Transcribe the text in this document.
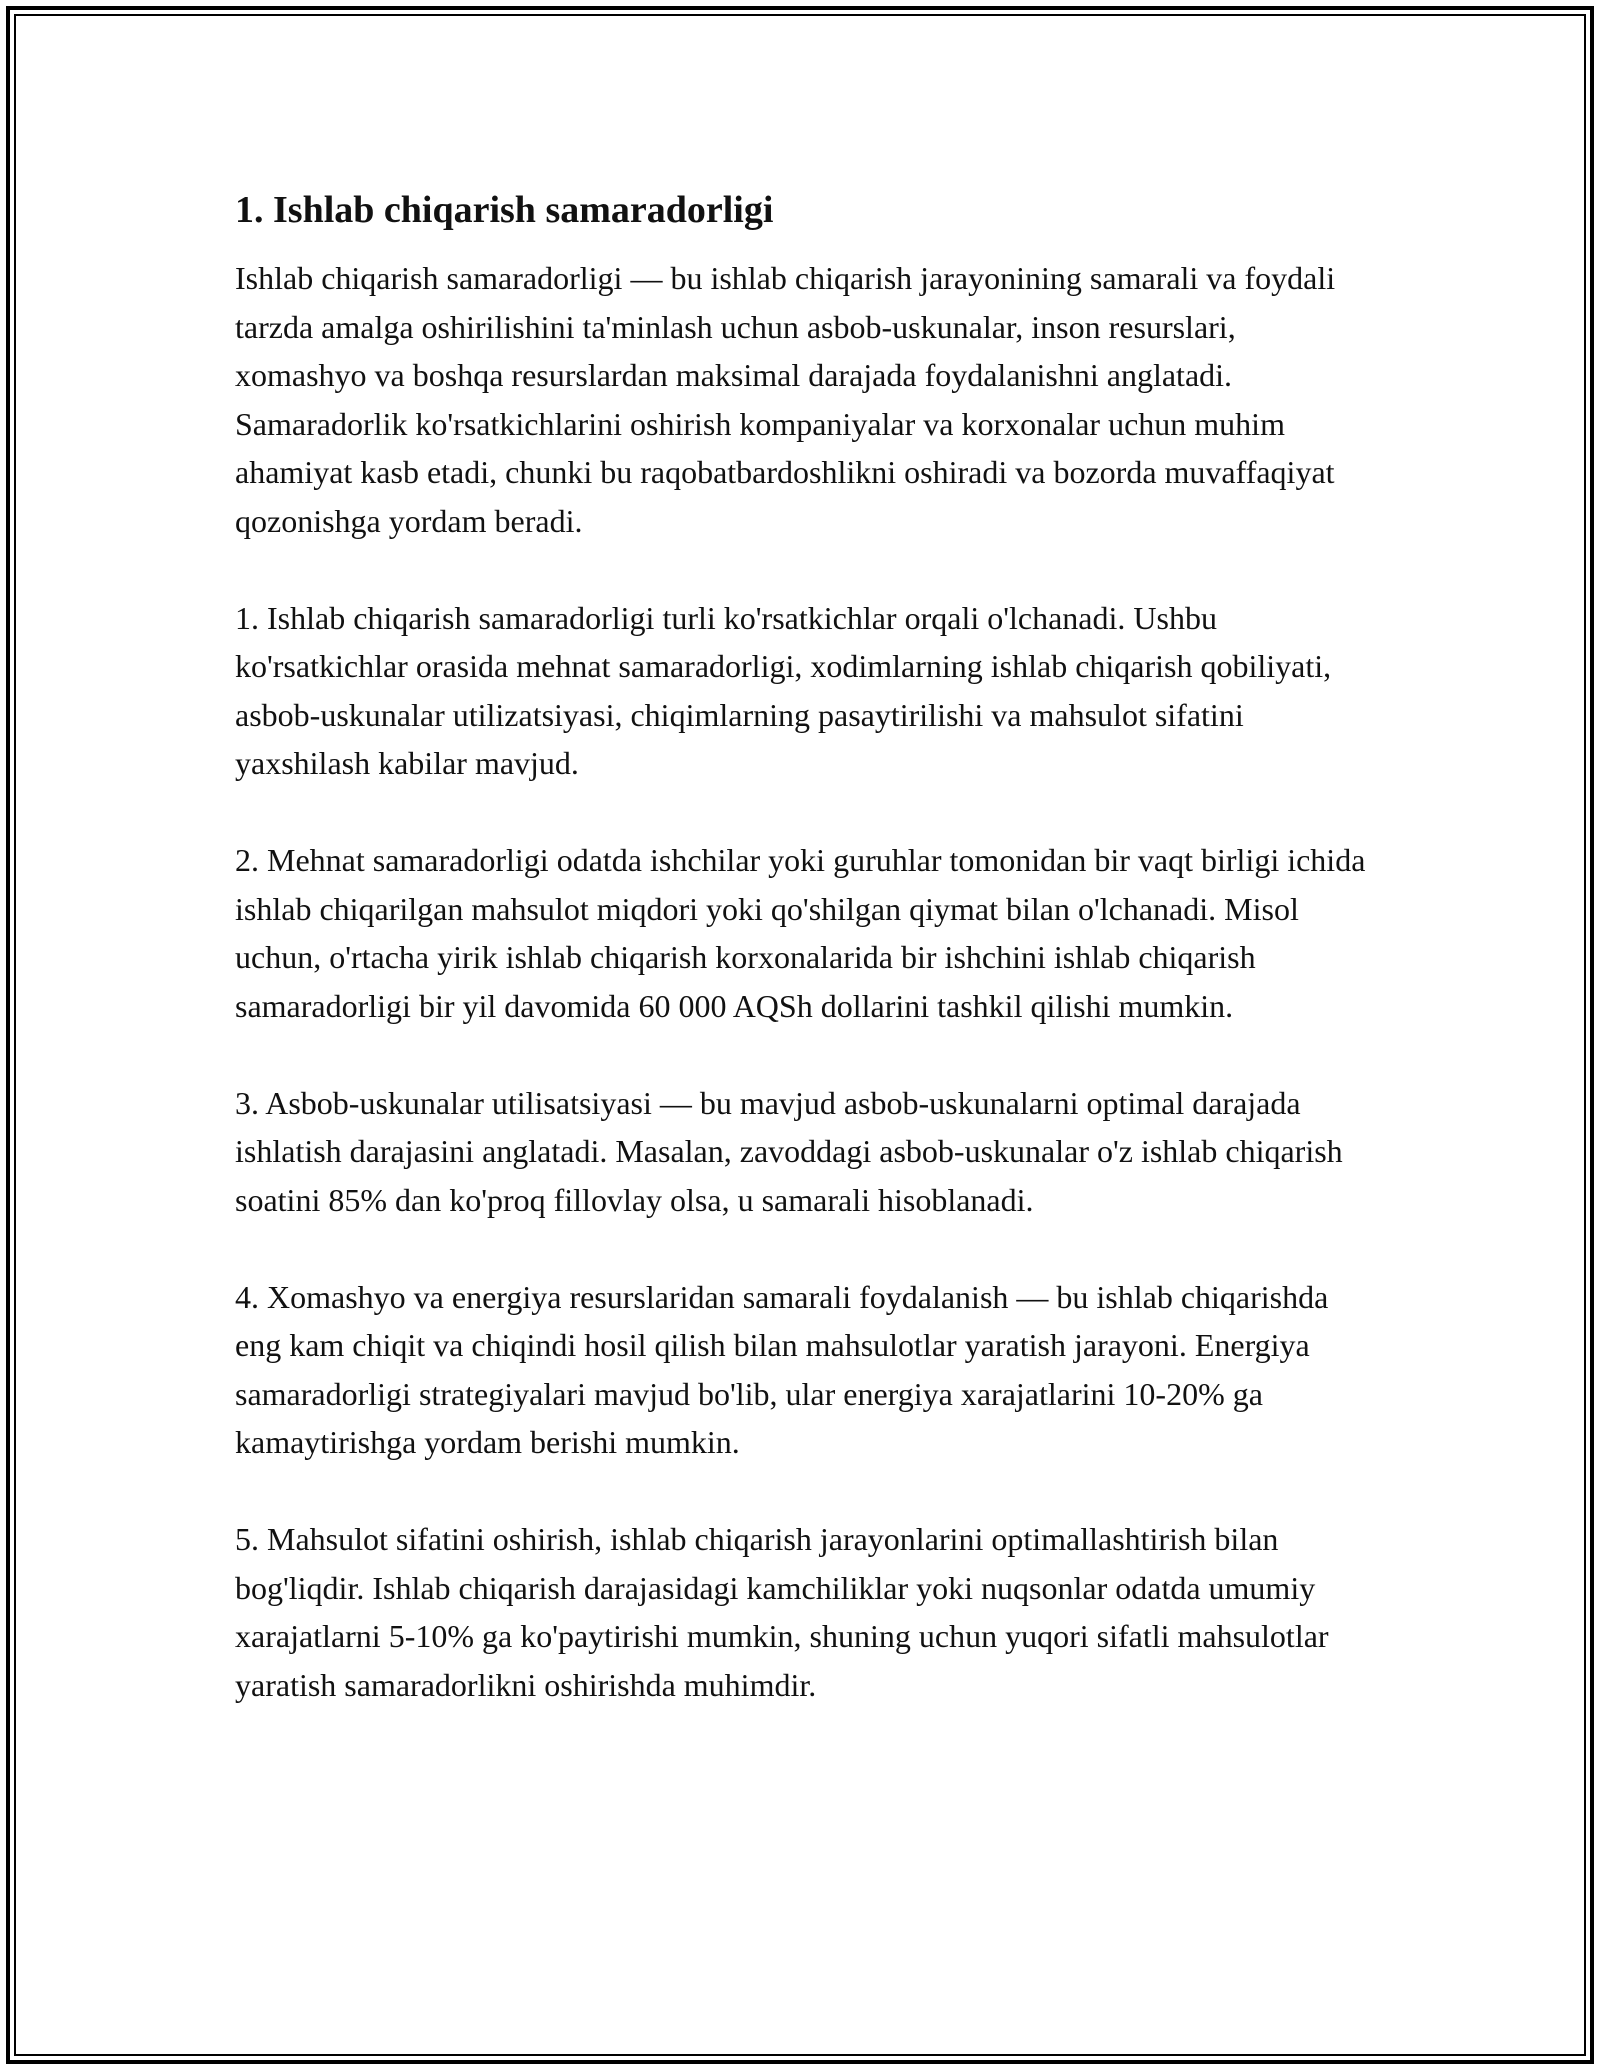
1. Ishlab chiqarish samaradorligi

Ishlab chiqarish samaradorligi — bu ishlab chiqarish jarayonining samarali va foydali tarzda amalga oshirilishini ta'minlash uchun asbob-uskunalar, inson resurslari, xomashyo va boshqa resurslardan maksimal darajada foydalanishni anglatadi. Samaradorlik ko'rsatkichlarini oshirish kompaniyalar va korxonalar uchun muhim ahamiyat kasb etadi, chunki bu raqobatbardoshlikni oshiradi va bozorda muvaffaqiyat qozonishga yordam beradi.

1. Ishlab chiqarish samaradorligi turli ko'rsatkichlar orqali o'lchanadi. Ushbu ko'rsatkichlar orasida mehnat samaradorligi, xodimlarning ishlab chiqarish qobiliyati, asbob-uskunalar utilizatsiyasi, chiqimlarning pasaytirilishi va mahsulot sifatini yaxshilash kabilar mavjud.

2. Mehnat samaradorligi odatda ishchilar yoki guruhlar tomonidan bir vaqt birligi ichida ishlab chiqarilgan mahsulot miqdori yoki qo'shilgan qiymat bilan o'lchanadi. Misol uchun, o'rtacha yirik ishlab chiqarish korxonalarida bir ishchini ishlab chiqarish samaradorligi bir yil davomida 60 000 AQSh dollarini tashkil qilishi mumkin.

3. Asbob-uskunalar utilisatsiyasi — bu mavjud asbob-uskunalarni optimal darajada ishlatish darajasini anglatadi. Masalan, zavoddagi asbob-uskunalar o'z ishlab chiqarish soatini 85% dan ko'proq fillovlay olsa, u samarali hisoblanadi.

4. Xomashyo va energiya resurslaridan samarali foydalanish — bu ishlab chiqarishda eng kam chiqit va chiqindi hosil qilish bilan mahsulotlar yaratish jarayoni. Energiya samaradorligi strategiyalari mavjud bo'lib, ular energiya xarajatlarini 10-20% ga kamaytirishga yordam berishi mumkin.

5. Mahsulot sifatini oshirish, ishlab chiqarish jarayonlarini optimallashtirish bilan bog'liqdir. Ishlab chiqarish darajasidagi kamchiliklar yoki nuqsonlar odatda umumiy xarajatlarni 5-10% ga ko'paytirishi mumkin, shuning uchun yuqori sifatli mahsulotlar yaratish samaradorlikni oshirishda muhimdir.
